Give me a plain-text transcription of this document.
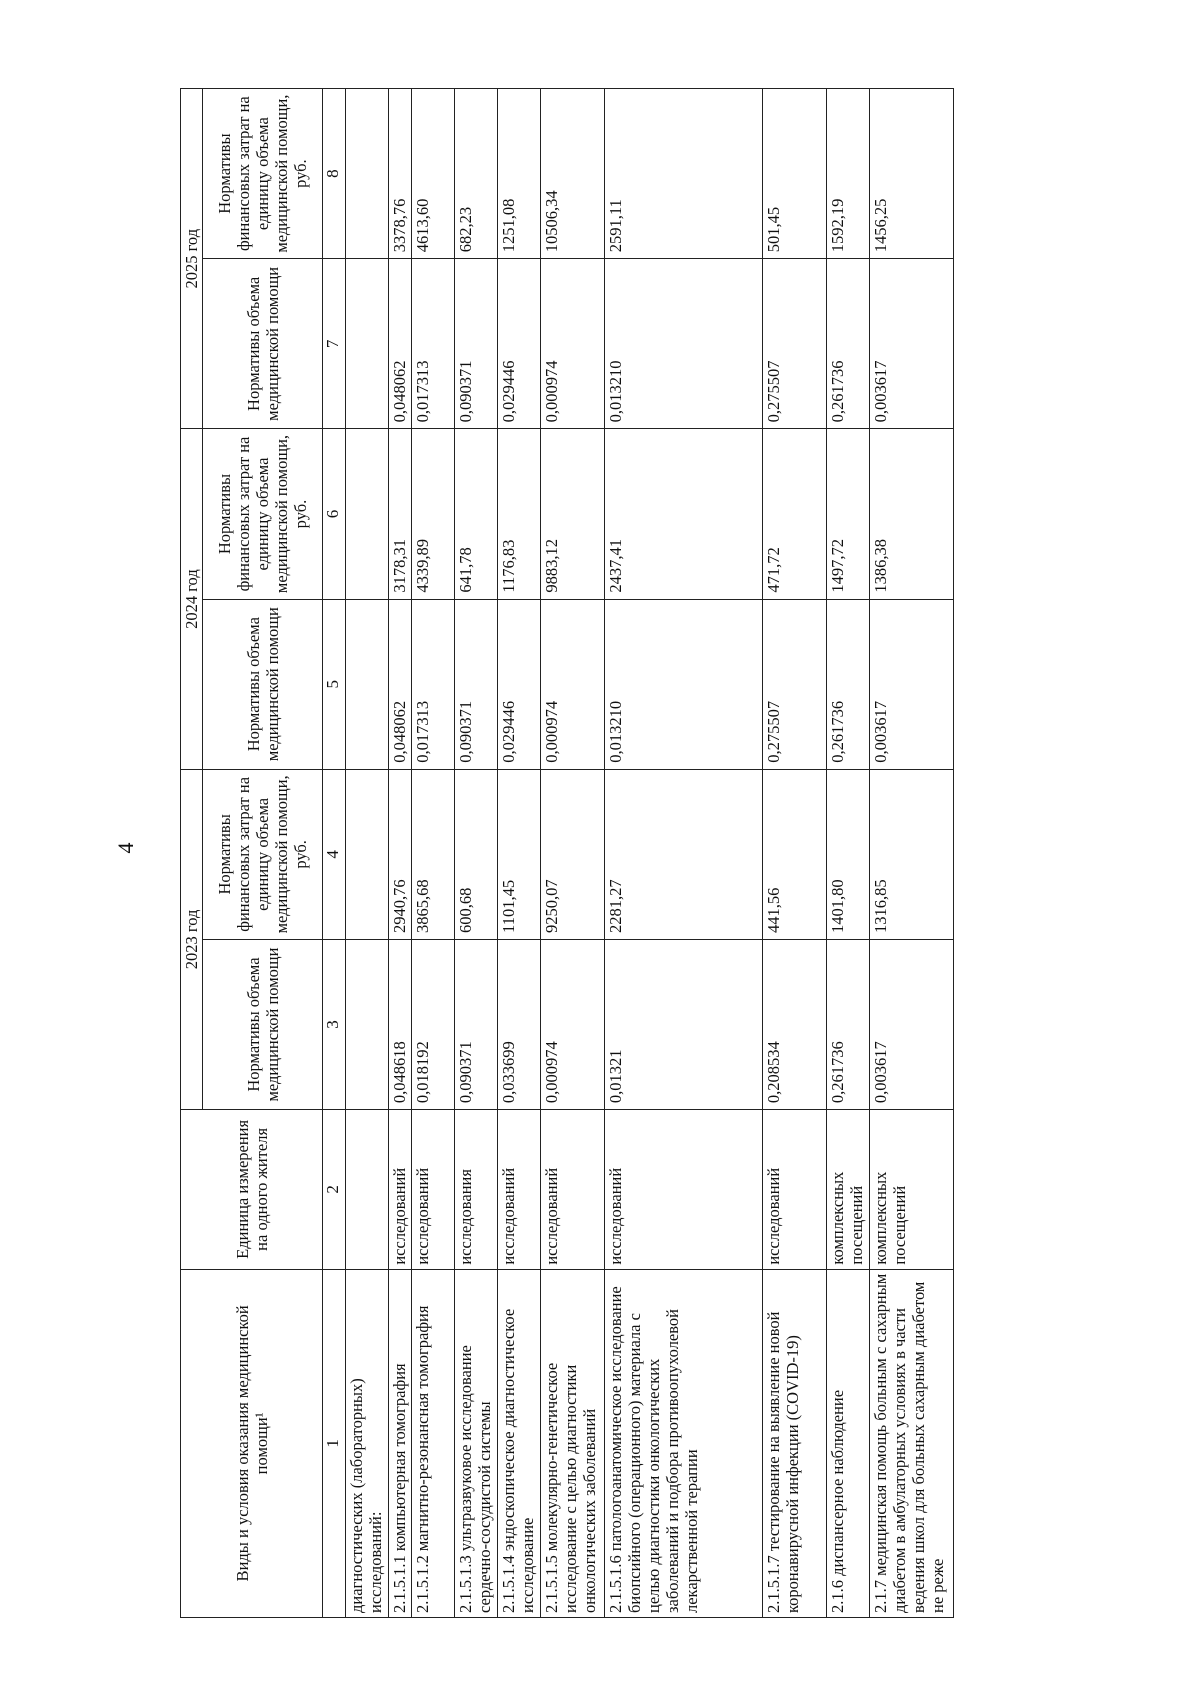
4
Виды и условия оказания медицинской помощи¹	Единица измерения на одного жителя	2023 год		2024 год		2025 год	
		Нормативы объема медицинской помощи	Нормативы финансовых затрат на единицу объема медицинской помощи, руб.	Нормативы объема медицинской помощи	Нормативы финансовых затрат на единицу объема медицинской помощи, руб.	Нормативы объема медицинской помощи	Нормативы финансовых затрат на единицу объема медицинской помощи, руб.
1	2	3	4	5	6	7	8
диагностических (лабораторных) исследований:							
2.1.5.1.1 компьютерная томография	исследований	0,048618	2940,76	0,048062	3178,31	0,048062	3378,76
2.1.5.1.2 магнитно-резонансная томография	исследований	0,018192	3865,68	0,017313	4339,89	0,017313	4613,60
2.1.5.1.3 ультразвуковое исследование сердечно-сосудистой системы	исследования	0,090371	600,68	0,090371	641,78	0,090371	682,23
2.1.5.1.4 эндоскопическое диагностическое исследование	исследований	0,033699	1101,45	0,029446	1176,83	0,029446	1251,08
2.1.5.1.5 молекулярно-генетическое исследование с целью диагностики онкологических заболеваний	исследований	0,000974	9250,07	0,000974	9883,12	0,000974	10506,34
2.1.5.1.6 патологоанатомическое исследование биопсийного (операционного) материала с целью диагностики онкологических заболеваний и подбора противоопухолевой лекарственной терапии	исследований	0,01321	2281,27	0,013210	2437,41	0,013210	2591,11
2.1.5.1.7 тестирование на выявление новой коронавирусной инфекции (COVID-19)	исследований	0,208534	441,56	0,275507	471,72	0,275507	501,45
2.1.6 диспансерное наблюдение	комплексных посещений	0,261736	1401,80	0,261736	1497,72	0,261736	1592,19
2.1.7 медицинская помощь больным с сахарным диабетом в амбулаторных условиях в части ведения школ для больных сахарным диабетом не реже	комплексных посещений	0,003617	1316,85	0,003617	1386,38	0,003617	1456,25
